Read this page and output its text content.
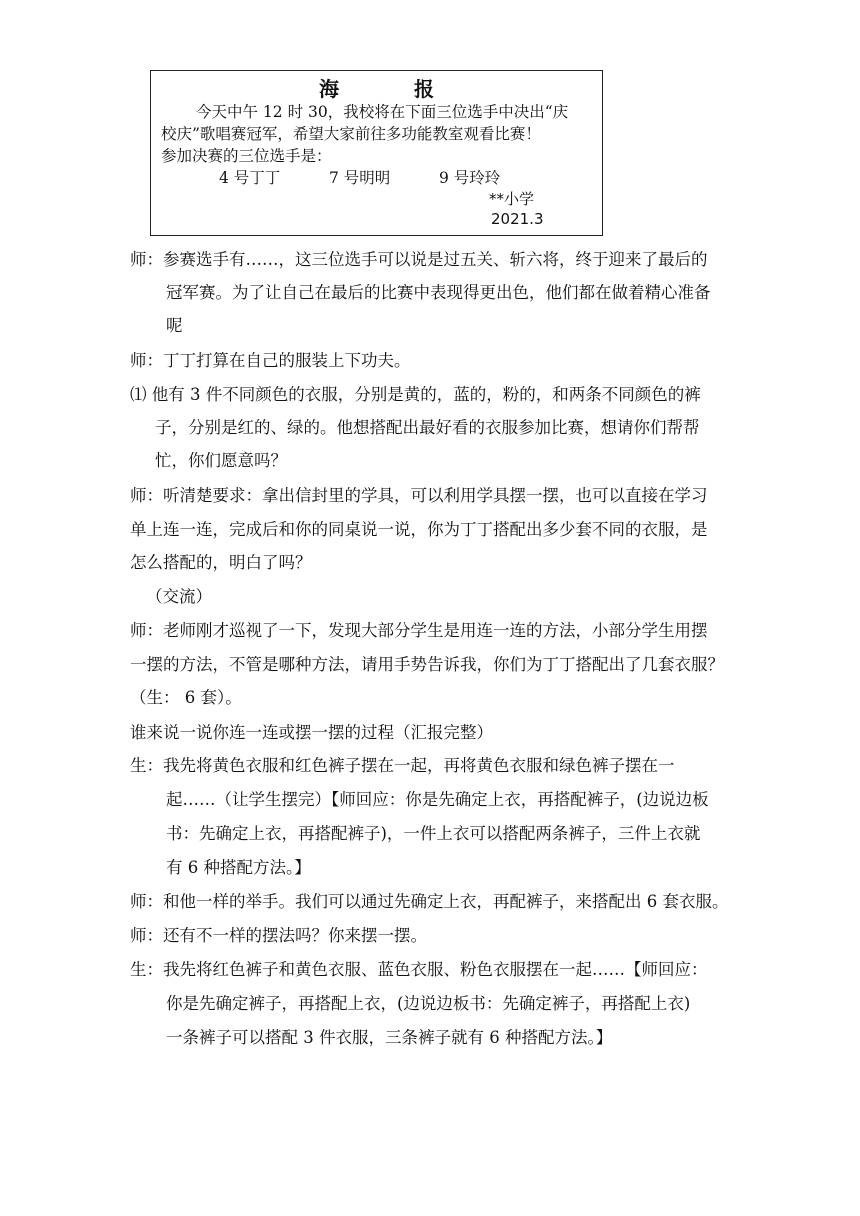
海 报
今天中午 12 时 30，我校将在下面三位选手中决出“庆
校庆”歌唱赛冠军，希望大家前往多功能教室观看比赛！
参加决赛的三位选手是：
4 号丁丁	7 号明明	9 号玲玲
**小学
2021.3
师：参赛选手有……，这三位选手可以说是过五关、斩六将，终于迎来了最后的
冠军赛。为了让自己在最后的比赛中表现得更出色，他们都在做着精心准备
呢
师：丁丁打算在自己的服装上下功夫。
⑴ 他有 3 件不同颜色的衣服，分别是黄的，蓝的，粉的，和两条不同颜色的裤
子，分别是红的、绿的。他想搭配出最好看的衣服参加比赛，想请你们帮帮
忙，你们愿意吗？
师：听清楚要求：拿出信封里的学具，可以利用学具摆一摆，也可以直接在学习
单上连一连，完成后和你的同桌说一说，你为丁丁搭配出多少套不同的衣服，是
怎么搭配的，明白了吗？
（交流）
师：老师刚才巡视了一下，发现大部分学生是用连一连的方法，小部分学生用摆
一摆的方法，不管是哪种方法，请用手势告诉我，你们为丁丁搭配出了几套衣服？
（生： 6 套）。
谁来说一说你连一连或摆一摆的过程（汇报完整）
生：我先将黄色衣服和红色裤子摆在一起，再将黄色衣服和绿色裤子摆在一
起……（让学生摆完）【师回应：你是先确定上衣，再搭配裤子，(边说边板
书：先确定上衣，再搭配裤子)，一件上衣可以搭配两条裤子，三件上衣就
有 6 种搭配方法。】
师：和他一样的举手。我们可以通过先确定上衣，再配裤子，来搭配出 6 套衣服。
师：还有不一样的摆法吗？你来摆一摆。
生：我先将红色裤子和黄色衣服、蓝色衣服、粉色衣服摆在一起……【师回应：
你是先确定裤子，再搭配上衣，(边说边板书：先确定裤子，再搭配上衣)
一条裤子可以搭配 3 件衣服，三条裤子就有 6 种搭配方法。】
